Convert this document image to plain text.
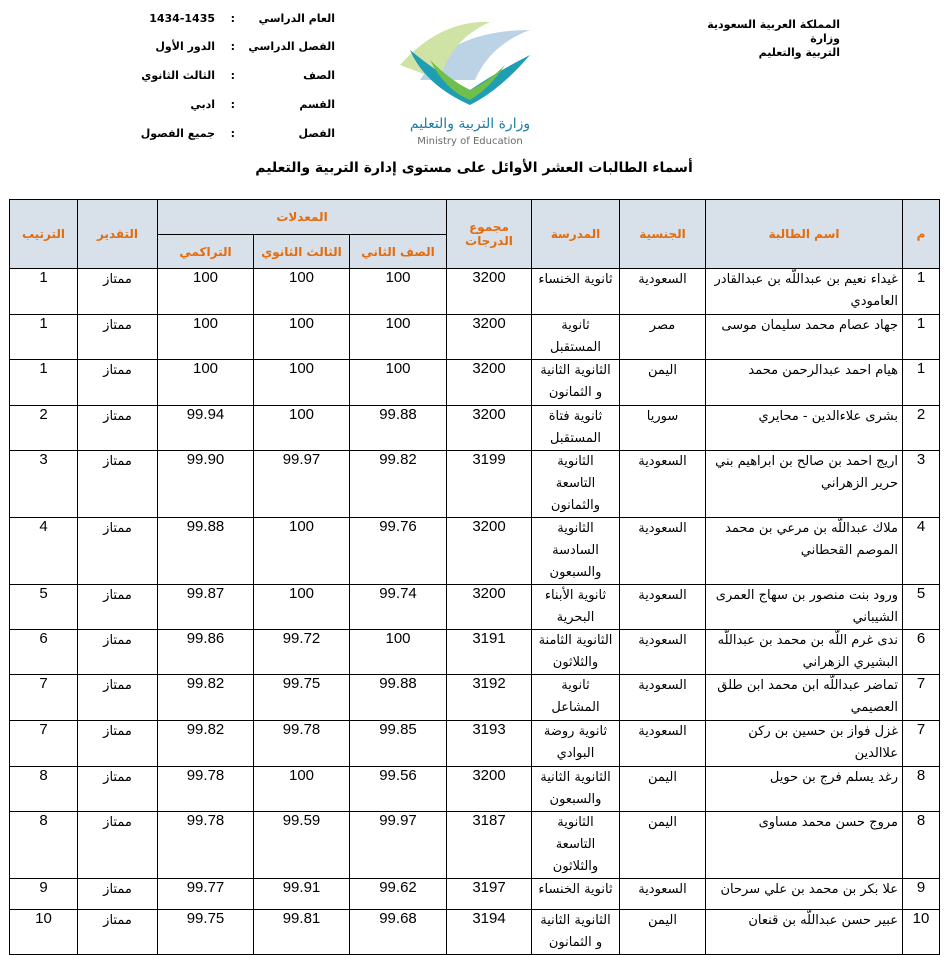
المملكة العربية السعودية وزارة
التربية والتعليم
وزارة التربية والتعليم
Ministry of Education
العام الدراسي
:
1434-1435
الفصل الدراسي
:
الدور الأول
الصف
:
الثالث الثانوي
القسم
:
ادبي
الفصل
:
جميع الفصول
أسماء الطالبات العشر الأوائل على مستوى إدارة التربية والتعليم
الترتيب	التقدير	المعدلات			مجموع الدرجات	المدرسة	الجنسية	اسم الطالبة	م
		التراكمي	الثالث الثانوي	الصف الثاني					
1	ممتاز	100	100	100	3200	ثانوية الخنساء	السعودية	غيداء نعيم بن عبداللّه بن عبدالقادر العامودي	1
1	ممتاز	100	100	100	3200	ثانوية المستقبل	مصر	جهاد عصام محمد سليمان موسى	1
1	ممتاز	100	100	100	3200	الثانوية الثانية و الثمانون	اليمن	هيام احمد عبدالرحمن محمد	1
2	ممتاز	99.94	100	99.88	3200	ثانوية فتاة المستقبل	سوريا	بشرى علاءالدين - محايري	2
3	ممتاز	99.90	99.97	99.82	3199	الثانوية التاسعة والثمانون	السعودية	اريج احمد بن صالح بن ابراهيم بني حرير الزهراني	3
4	ممتاز	99.88	100	99.76	3200	الثانوية السادسة والسبعون	السعودية	ملاك عبداللّه بن مرعي بن محمد الموصم القحطاني	4
5	ممتاز	99.87	100	99.74	3200	ثانوية الأبناء البحرية	السعودية	ورود بنت منصور بن سهاج العمرى الشيباني	5
6	ممتاز	99.86	99.72	100	3191	الثانوية الثامنة والثلاثون	السعودية	ندى غرم اللّه بن محمد بن عبداللّه البشيري الزهراني	6
7	ممتاز	99.82	99.75	99.88	3192	ثانوية المشاعل	السعودية	تماضر عبداللّه ابن محمد ابن طلق العصيمي	7
7	ممتاز	99.82	99.78	99.85	3193	ثانوية روضة البوادي	السعودية	غزل فواز بن حسين بن ركن علاالدين	7
8	ممتاز	99.78	100	99.56	3200	الثانوية الثانية والسبعون	اليمن	رغد يسلم فرج بن حويل	8
8	ممتاز	99.78	99.59	99.97	3187	الثانوية التاسعة والثلاثون	اليمن	مروج حسن محمد مساوى	8
9	ممتاز	99.77	99.91	99.62	3197	ثانوية الخنساء	السعودية	علا بكر بن محمد بن علي سرحان	9
10	ممتاز	99.75	99.81	99.68	3194	الثانوية الثانية و الثمانون	اليمن	عبير حسن عبداللّه بن قنعان	10
